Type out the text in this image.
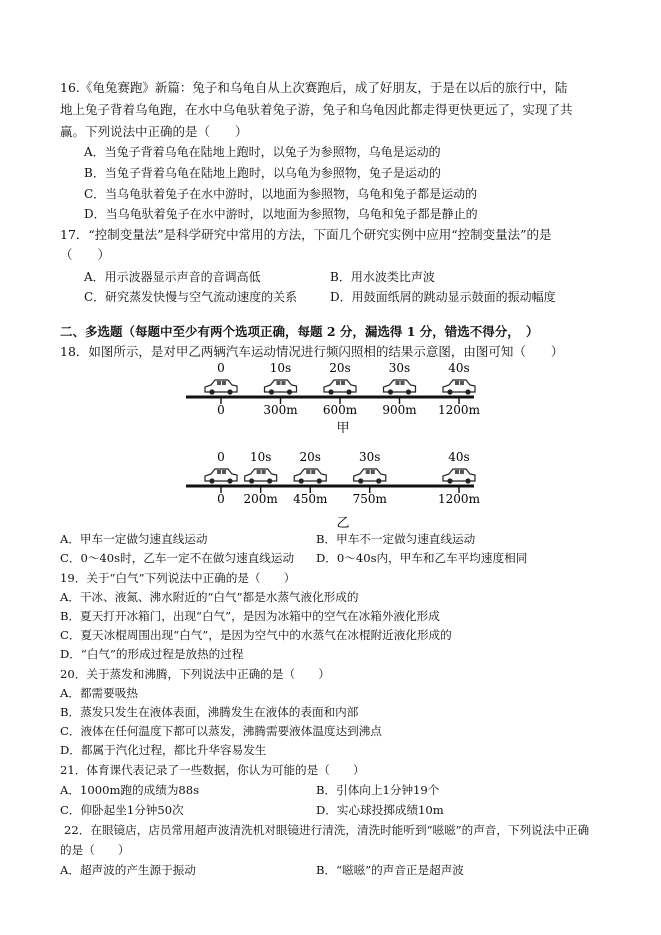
16.《龟兔赛跑》新篇：兔子和乌龟自从上次赛跑后，成了好朋友，于是在以后的旅行中，陆
地上兔子背着乌龟跑，在水中乌龟驮着兔子游，兔子和乌龟因此都走得更快更远了，实现了共
赢。下列说法中正确的是（　　）
A．当兔子背着乌龟在陆地上跑时，以兔子为参照物，乌龟是运动的
B．当兔子背着乌龟在陆地上跑时，以乌龟为参照物，兔子是运动的
C．当乌龟驮着兔子在水中游时，以地面为参照物，乌龟和兔子都是运动的
D．当乌龟驮着兔子在水中游时，以地面为参照物，乌龟和兔子都是静止的
17．“控制变量法”是科学研究中常用的方法，下面几个研究实例中应用“控制变量法”的是
（　　）
A．用示波器显示声音的音调高低	B．用水波类比声波
C．研究蒸发快慢与空气流动速度的关系	D．用鼓面纸屑的跳动显示鼓面的振动幅度
二、多选题（每题中至少有两个选项正确，每题 2 分，漏选得 1 分，错选不得分，　）
18．如图所示，是对甲乙两辆汽车运动情况进行频闪照相的结果示意图，由图可知（　　）
0
0
10s
300m
20s
600m
30s
900m
40s
1200m
甲
0
0
10s
200m
20s
450m
30s
750m
40s
1200m
乙
A．甲车一定做匀速直线运动	B．甲车不一定做匀速直线运动
C．0～40s时，乙车一定不在做匀速直线运动 D．0～40s内，甲车和乙车平均速度相同
19．关于“白气”下列说法中正确的是（　　）
A．干冰、液氮、沸水附近的“白气”都是水蒸气液化形成的
B．夏天打开冰箱门，出现“白气”，是因为冰箱中的空气在冰箱外液化形成
C．夏天冰棍周围出现“白气”，是因为空气中的水蒸气在冰棍附近液化形成的
D．“白气”的形成过程是放热的过程
20．关于蒸发和沸腾，下列说法中正确的是（　　）
A．都需要吸热
B．蒸发只发生在液体表面，沸腾发生在液体的表面和内部
C．液体在任何温度下都可以蒸发，沸腾需要液体温度达到沸点
D．都属于汽化过程，都比升华容易发生
21．体育课代表记录了一些数据，你认为可能的是（　　）
A．1000m跑的成绩为88s	B．引体向上1分钟19个
C．仰卧起坐1分钟50次	D．实心球投掷成绩10m
22．在眼镜店，店员常用超声波清洗机对眼镜进行清洗，清洗时能听到“嗞嗞”的声音，下列说法中正确
的是（　　）
A．超声波的产生源于振动	B．“嗞嗞”的声音正是超声波
